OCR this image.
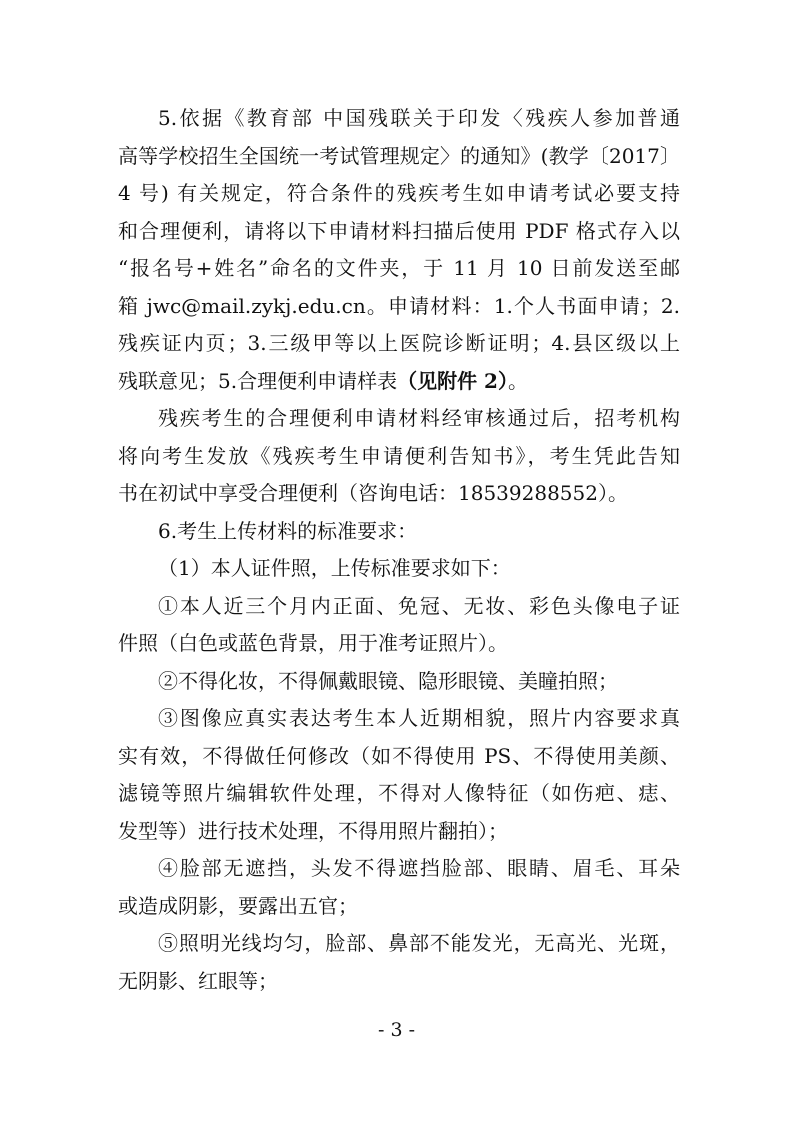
5.依据《教育部 中国残联关于印发〈残疾人参加普通
高等学校招生全国统一考试管理规定〉的通知》(教学〔2017〕
4 号) 有关规定，符合条件的残疾考生如申请考试必要支持
和合理便利，请将以下申请材料扫描后使用 PDF 格式存入以
“报名号+姓名”命名的文件夹，于 11 月 10 日前发送至邮
箱 jwc@mail.zykj.edu.cn。申请材料：1.个人书面申请；2.
残疾证内页；3.三级甲等以上医院诊断证明；4.县区级以上
残联意见；5.合理便利申请样表（见附件 2）。
残疾考生的合理便利申请材料经审核通过后，招考机构
将向考生发放《残疾考生申请便利告知书》，考生凭此告知
书在初试中享受合理便利（咨询电话：18539288552）。
6.考生上传材料的标准要求：
（1）本人证件照，上传标准要求如下：
①本人近三个月内正面、免冠、无妆、彩色头像电子证
件照（白色或蓝色背景，用于准考证照片）。
②不得化妆，不得佩戴眼镜、隐形眼镜、美瞳拍照；
③图像应真实表达考生本人近期相貌，照片内容要求真
实有效，不得做任何修改（如不得使用 PS、不得使用美颜、
滤镜等照片编辑软件处理，不得对人像特征（如伤疤、痣、
发型等）进行技术处理，不得用照片翻拍）；
④脸部无遮挡，头发不得遮挡脸部、眼睛、眉毛、耳朵
或造成阴影，要露出五官；
⑤照明光线均匀，脸部、鼻部不能发光，无高光、光斑，
无阴影、红眼等；
- 3 -
